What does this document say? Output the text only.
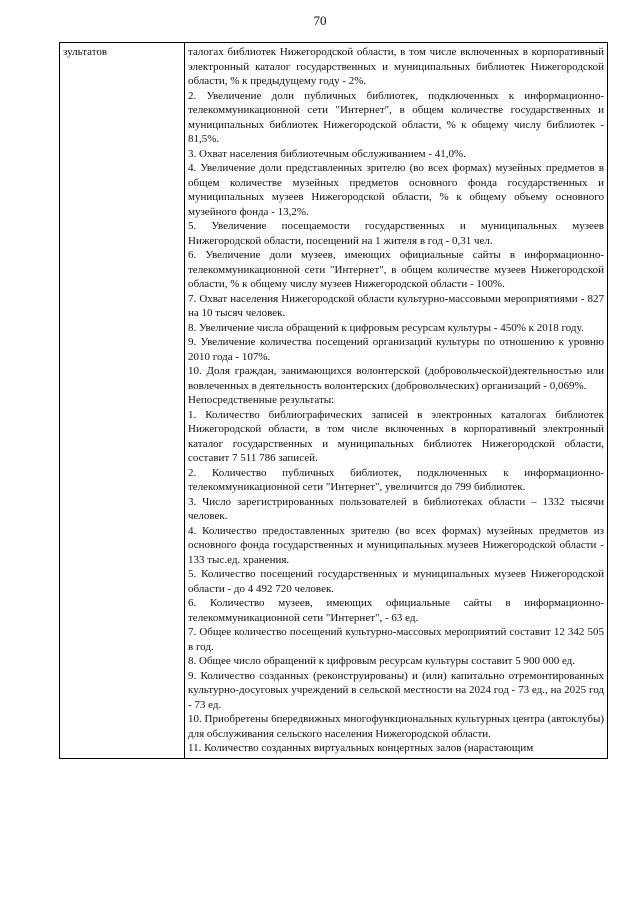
70
зультатов	талогах библиотек Нижегородской области, в том числе включенных в корпоративный электронный каталог государственных и муниципальных библиотек Нижегородской области, % к предыдущему году - 2%.

2. Увеличение доли публичных библиотек, подключенных к информационно-телекоммуникационной сети "Интернет", в общем количестве государственных и муниципальных библиотек Нижегородской области, % к общему числу библиотек - 81,5%.

3. Охват населения библиотечным обслуживанием - 41,0%.

4. Увеличение доли представленных зрителю (во всех формах) музейных предметов в общем количестве музейных предметов основного фонда государственных и муниципальных музеев Нижегородской области, % к общему объему основного музейного фонда - 13,2%.

5. Увеличение посещаемости государственных и муниципальных музеев Нижегородской области, посещений на 1 жителя в год - 0,31 чел.

6. Увеличение доли музеев, имеющих официальные сайты в информационно-телекоммуникационной сети "Интернет", в общем количестве музеев Нижегородской области, % к общему числу музеев Нижегородской области - 100%.

7. Охват населения Нижегородской области культурно-массовыми мероприятиями - 827 на 10 тысяч человек.

8. Увеличение числа обращений к цифровым ресурсам культуры - 450% к 2018 году.

9. Увеличение количества посещений организаций культуры по отношению к уровню 2010 года - 107%.

10. Доля граждан, занимающихся волонтерской (добровольческой)деятельностью или вовлеченных в деятельность волонтерских (добровольческих) организаций - 0,069%.

Непосредственные результаты:

1. Количество библиографических записей в электронных каталогах библиотек Нижегородской области, в том числе включенных в корпоративный электронный каталог государственных и муниципальных библиотек Нижегородской области, составит 7 511 786 записей.

2. Количество публичных библиотек, подключенных к информационно-телекоммуникационной сети "Интернет", увеличится до 799 библиотек.

3. Число зарегистрированных пользователей в библиотеках области – 1332 тысячи человек.

4. Количество предоставленных зрителю (во всех формах) музейных предметов из основного фонда государственных и муниципальных музеев Нижегородской области - 133 тыс.ед. хранения.

5. Количество посещений государственных и муниципальных музеев Нижегородской области - до 4 492 720 человек.

6. Количество музеев, имеющих официальные сайты в информационно-телекоммуникационной сети "Интернет", - 63 ед.

7. Общее количество посещений культурно-массовых мероприятий составит 12 342 505 в год.

8. Общее число обращений к цифровым ресурсам культуры составит 5 900 000 ед.

9. Количество созданных (реконструированы) и (или) капитально отремонтированных культурно-досуговых учреждений в сельской местности на 2024 год - 73 ед., на 2025 год - 73 ед.

10. Приобретены 6передвижных многофункциональных культурных центра (автоклубы) для обслуживания сельского населения Нижегородской области.

11. Количество созданных виртуальных концертных залов (нарастающим
